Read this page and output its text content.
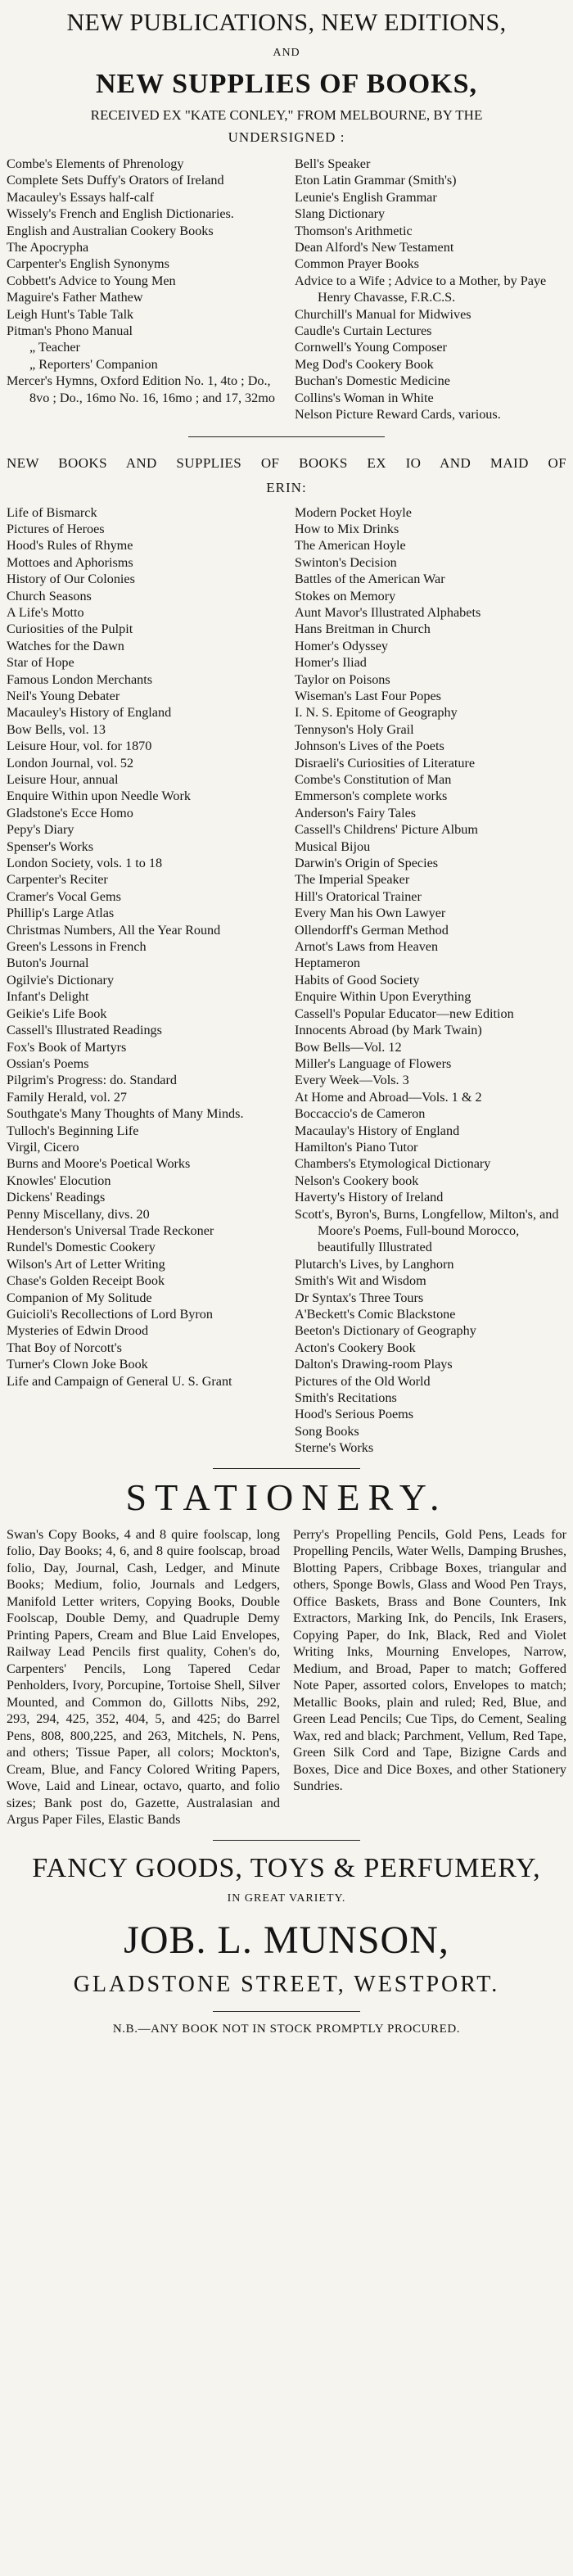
NEW PUBLICATIONS, NEW EDITIONS,

AND

NEW SUPPLIES OF BOOKS,

RECEIVED EX "KATE CONLEY," FROM MELBOURNE, BY THE

UNDERSIGNED :

Combe's Elements of Phrenology
Complete Sets Duffy's Orators of Ireland
Macauley's Essays half-calf
Wissely's French and English Dictionaries.
English and Australian Cookery Books
The Apocrypha
Carpenter's English Synonyms
Cobbett's Advice to Young Men
Maguire's Father Mathew
Leigh Hunt's Table Talk
Pitman's Phono Manual
„ Teacher
„ Reporters' Companion
Mercer's Hymns, Oxford Edition No. 1, 4to ; Do., 8vo ; Do., 16mo No. 16, 16mo ; and 17, 32mo
Bell's Speaker
Eton Latin Grammar (Smith's)
Leunie's English Grammar
Slang Dictionary
Thomson's Arithmetic
Dean Alford's New Testament
Common Prayer Books
Advice to a Wife ; Advice to a Mother, by Paye Henry Chavasse, F.R.C.S.
Churchill's Manual for Midwives
Caudle's Curtain Lectures
Cornwell's Young Composer
Meg Dod's Cookery Book
Buchan's Domestic Medicine
Collins's Woman in White
Nelson Picture Reward Cards, various.

NEW BOOKS AND SUPPLIES OF BOOKS EX IO AND MAID OF

ERIN:

Life of Bismarck
Pictures of Heroes
Hood's Rules of Rhyme
Mottoes and Aphorisms
History of Our Colonies
Church Seasons
A Life's Motto
Curiosities of the Pulpit
Watches for the Dawn
Star of Hope
Famous London Merchants
Neil's Young Debater
Macauley's History of England
Bow Bells, vol. 13
Leisure Hour, vol. for 1870
London Journal, vol. 52
Leisure Hour, annual
Enquire Within upon Needle Work
Gladstone's Ecce Homo
Pepy's Diary
Spenser's Works
London Society, vols. 1 to 18
Carpenter's Reciter
Cramer's Vocal Gems
Phillip's Large Atlas
Christmas Numbers, All the Year Round
Green's Lessons in French
Buton's Journal
Ogilvie's Dictionary
Infant's Delight
Geikie's Life Book
Cassell's Illustrated Readings
Fox's Book of Martyrs
Ossian's Poems
Pilgrim's Progress: do. Standard
Family Herald, vol. 27
Southgate's Many Thoughts of Many Minds.
Tulloch's Beginning Life
Virgil, Cicero
Burns and Moore's Poetical Works
Knowles' Elocution
Dickens' Readings
Penny Miscellany, divs. 20
Henderson's Universal Trade Reckoner
Rundel's Domestic Cookery
Wilson's Art of Letter Writing
Chase's Golden Receipt Book
Companion of My Solitude
Guicioli's Recollections of Lord Byron
Mysteries of Edwin Drood
That Boy of Norcott's
Turner's Clown Joke Book
Life and Campaign of General U. S. Grant
Modern Pocket Hoyle
How to Mix Drinks
The American Hoyle
Swinton's Decision
Battles of the American War
Stokes on Memory
Aunt Mavor's Illustrated Alphabets
Hans Breitman in Church
Homer's Odyssey
Homer's Iliad
Taylor on Poisons
Wiseman's Last Four Popes
I. N. S. Epitome of Geography
Tennyson's Holy Grail
Johnson's Lives of the Poets
Disraeli's Curiosities of Literature
Combe's Constitution of Man
Emmerson's complete works
Anderson's Fairy Tales
Cassell's Childrens' Picture Album
Musical Bijou
Darwin's Origin of Species
The Imperial Speaker
Hill's Oratorical Trainer
Every Man his Own Lawyer
Ollendorff's German Method
Arnot's Laws from Heaven
Heptameron
Habits of Good Society
Enquire Within Upon Everything
Cassell's Popular Educator—new Edition
Innocents Abroad (by Mark Twain)
Bow Bells—Vol. 12
Miller's Language of Flowers
Every Week—Vols. 3
At Home and Abroad—Vols. 1 & 2
Boccaccio's de Cameron
Macaulay's History of England
Hamilton's Piano Tutor
Chambers's Etymological Dictionary
Nelson's Cookery book
Haverty's History of Ireland
Scott's, Byron's, Burns, Longfellow, Milton's, and Moore's Poems, Full-bound Morocco, beautifully Illustrated
Plutarch's Lives, by Langhorn
Smith's Wit and Wisdom
Dr Syntax's Three Tours
A'Beckett's Comic Blackstone
Beeton's Dictionary of Geography
Acton's Cookery Book
Dalton's Drawing-room Plays
Pictures of the Old World
Smith's Recitations
Hood's Serious Poems
Song Books
Sterne's Works

STATIONERY.

Swan's Copy Books, 4 and 8 quire foolscap, long folio, Day Books; 4, 6, and 8 quire foolscap, broad folio, Day, Journal, Cash, Ledger, and Minute Books; Medium, folio, Journals and Ledgers, Manifold Letter writers, Copying Books, Double Foolscap, Double Demy, and Quadruple Demy Printing Papers, Cream and Blue Laid Envelopes, Railway Lead Pencils first quality, Cohen's do, Carpenters' Pencils, Long Tapered Cedar Penholders, Ivory, Porcupine, Tortoise Shell, Silver Mounted, and Common do, Gillotts Nibs, 292, 293, 294, 425, 352, 404, 5, and 425; do Barrel Pens, 808, 800,225, and 263, Mitchels, N. Pens, and others; Tissue Paper, all colors; Mockton's, Cream, Blue, and Fancy Colored Writing Papers, Wove, Laid and Linear, octavo, quarto, and folio sizes; Bank post do, Gazette, Australasian and Argus Paper Files, Elastic Bands
Perry's Propelling Pencils, Gold Pens, Leads for Propelling Pencils, Water Wells, Damping Brushes, Blotting Papers, Cribbage Boxes, triangular and others, Sponge Bowls, Glass and Wood Pen Trays, Office Baskets, Brass and Bone Counters, Ink Extractors, Marking Ink, do Pencils, Ink Erasers, Copying Paper, do Ink, Black, Red and Violet Writing Inks, Mourning Envelopes, Narrow, Medium, and Broad, Paper to match; Goffered Note Paper, assorted colors, Envelopes to match; Metallic Books, plain and ruled; Red, Blue, and Green Lead Pencils; Cue Tips, do Cement, Sealing Wax, red and black; Parchment, Vellum, Red Tape, Green Silk Cord and Tape, Bizigne Cards and Boxes, Dice and Dice Boxes, and other Stationery Sundries.

FANCY GOODS, TOYS & PERFUMERY,

IN GREAT VARIETY.

JOB. L. MUNSON,

GLADSTONE STREET, WESTPORT.

N.B.—ANY BOOK NOT IN STOCK PROMPTLY PROCURED.
